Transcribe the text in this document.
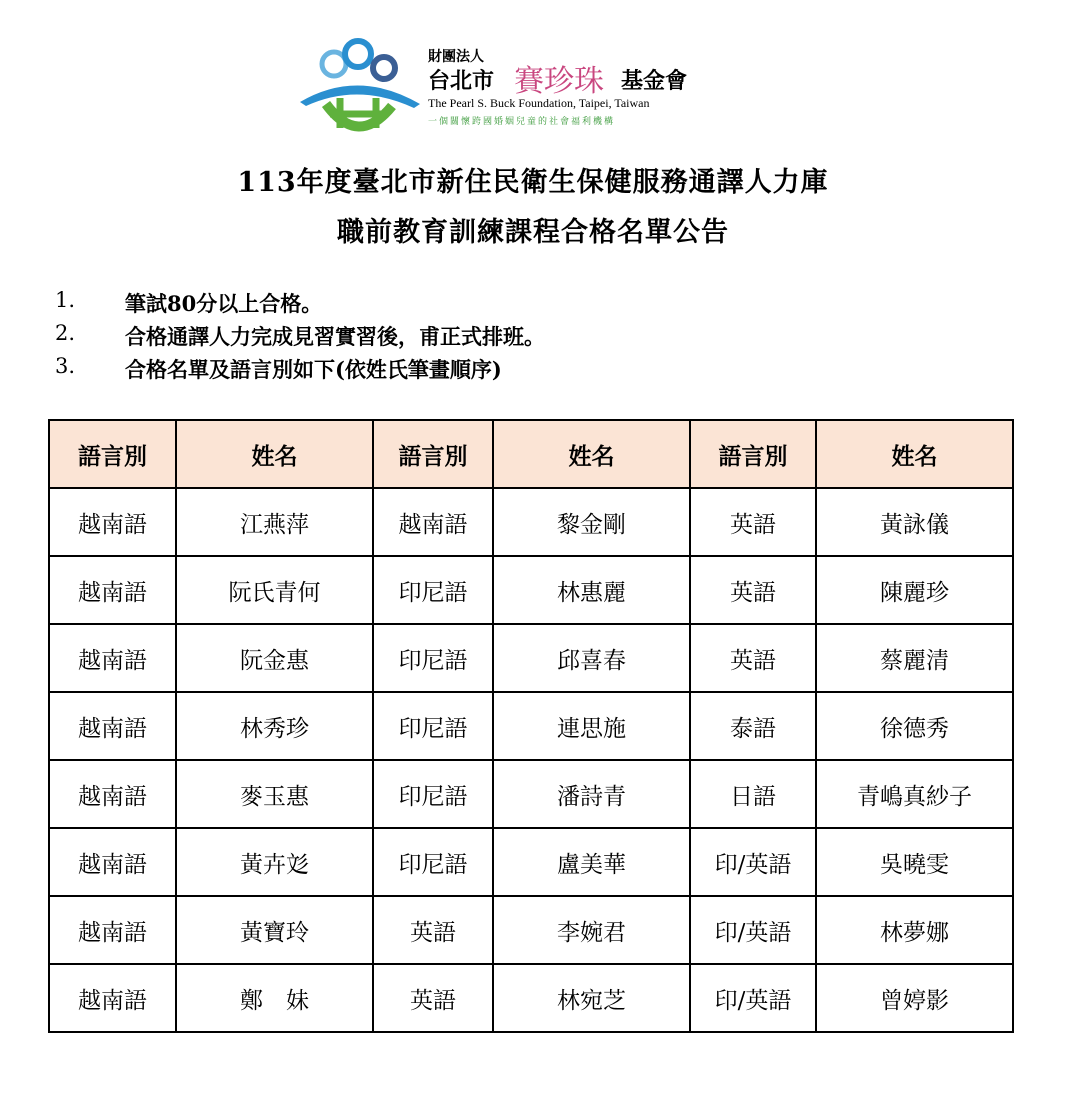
財團法人
台北市 賽珍珠 基金會
The Pearl S. Buck Foundation, Taipei, Taiwan
一個關懷跨國婚姻兒童的社會福利機構
113年度臺北市新住民衛生保健服務通譯人力庫
職前教育訓練課程合格名單公告
1.	筆試80分以上合格。
2.	合格通譯人力完成見習實習後，甫正式排班。
3.	合格名單及語言別如下(依姓氏筆畫順序)
語言別	姓名	語言別	姓名	語言別	姓名
越南語	江燕萍	越南語	黎金剛	英語	黃詠儀
越南語	阮氏青何	印尼語	林惠麗	英語	陳麗珍
越南語	阮金惠	印尼語	邱喜春	英語	蔡麗清
越南語	林秀珍	印尼語	連思施	泰語	徐德秀
越南語	麥玉惠	印尼語	潘詩青	日語	青嶋真紗子
越南語	黃卉彣	印尼語	盧美華	印/英語	吳曉雯
越南語	黃寶玲	英語	李婉君	印/英語	林夢娜
越南語	鄭　妹	英語	林宛芝	印/英語	曾婷影
